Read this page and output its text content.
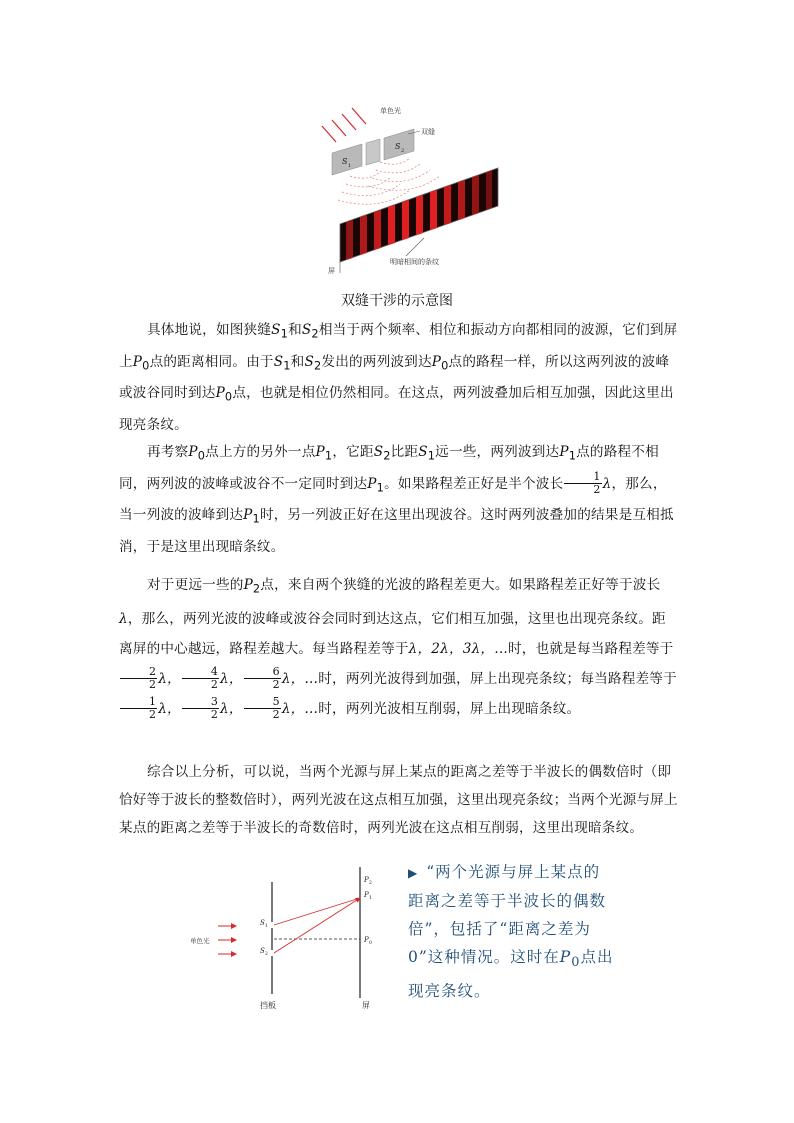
单色光
S 1
S 2
双缝
屏
明暗相间的条纹
双缝干涉的示意图
具体地说，如图狭缝$S_1$和$S_2$相当于两个频率、相位和振动方向都相同的波源，它们到屏上$P_0$点的距离相同。由于$S_1$和$S_2$发出的两列波到达$P_0$点的路程一样，所以这两列波的波峰或波谷同时到达$P_0$点，也就是相位仍然相同。在这点，两列波叠加后相互加强，因此这里出现亮条纹。
再考察$P_0$点上方的另外一点$P_1$，它距$S_2$比距$S_1$远一些，两列波到达$P_1$点的路程不相同，两列波的波峰或波谷不一定同时到达$P_1$。如果路程差正好是半个波长 $\frac{1}{2}$ λ，那么，当一列波的波峰到达$P_1$时，另一列波正好在这里出现波谷。这时两列波叠加的结果是互相抵消，于是这里出现暗条纹。
对于更远一些的$P_2$点，来自两个狭缝的光波的路程差更大。如果路程差正好等于波长λ，那么，两列光波的波峰或波谷会同时到达这点，它们相互加强，这里也出现亮条纹。距离屏的中心越远，路程差越大。每当路程差等于λ，2λ，3λ，…时，也就是每当路程差等于
$\frac{2}{2}$ λ， $\frac{4}{2}$ λ， $\frac{6}{2}$ λ，…时，两列光波得到加强，屏上出现亮条纹；每当路程差等于
$\frac{1}{2}$ λ， $\frac{3}{2}$ λ， $\frac{5}{2}$ λ，…时，两列光波相互削弱，屏上出现暗条纹。
综合以上分析，可以说，当两个光源与屏上某点的距离之差等于半波长的偶数倍时（即恰好等于波长的整数倍时），两列光波在这点相互加强，这里出现亮条纹；当两个光源与屏上某点的距离之差等于半波长的奇数倍时，两列光波在这点相互削弱，这里出现暗条纹。
单色光
S 1
S 2
P 2
P 1
P 0
挡板	屏
▶ “两个光源与屏上某点的距离之差等于半波长的偶数倍”，包括了“距离之差为 0”这种情况。这时在$P_0$点出现亮条纹。
